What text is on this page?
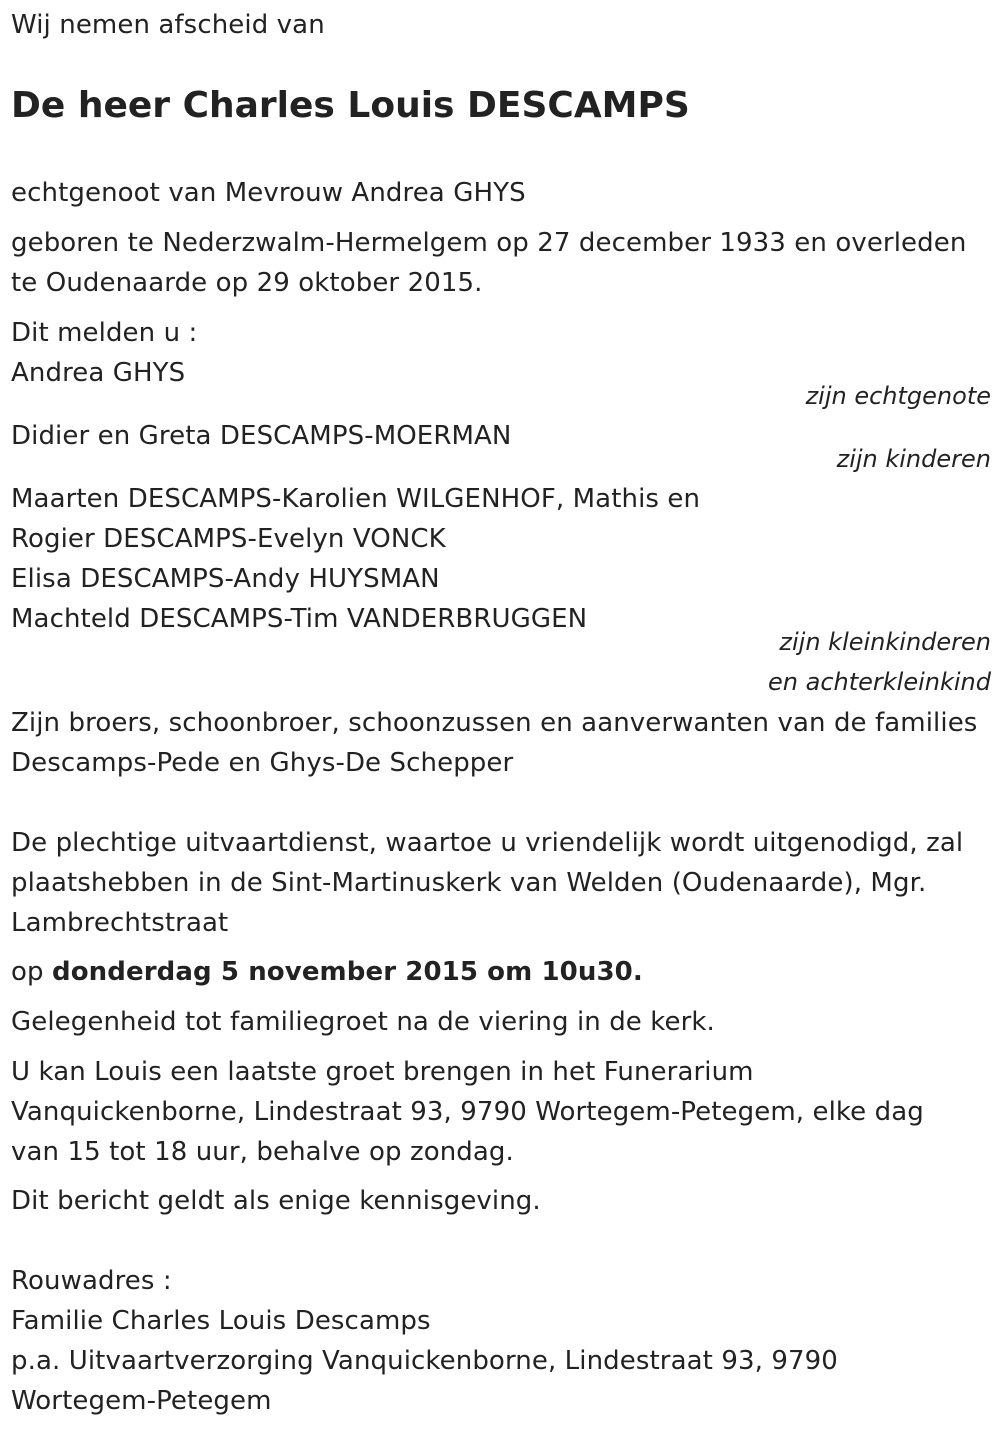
Wij nemen afscheid van
De heer Charles Louis DESCAMPS
echtgenoot van Mevrouw Andrea GHYS
geboren te Nederzwalm-Hermelgem op 27 december 1933 en overleden
te Oudenaarde op 29 oktober 2015.
Dit melden u :
Andrea GHYS
zijn echtgenote
Didier en Greta DESCAMPS-MOERMAN
zijn kinderen
Maarten DESCAMPS-Karolien WILGENHOF, Mathis en
Rogier DESCAMPS-Evelyn VONCK
Elisa DESCAMPS-Andy HUYSMAN
Machteld DESCAMPS-Tim VANDERBRUGGEN
zijn kleinkinderen
en achterkleinkind
Zijn broers, schoonbroer, schoonzussen en aanverwanten van de families
Descamps-Pede en Ghys-De Schepper
De plechtige uitvaartdienst, waartoe u vriendelijk wordt uitgenodigd, zal
plaatshebben in de Sint-Martinuskerk van Welden (Oudenaarde), Mgr.
Lambrechtstraat
op donderdag 5 november 2015 om 10u30.
Gelegenheid tot familiegroet na de viering in de kerk.
U kan Louis een laatste groet brengen in het Funerarium
Vanquickenborne, Lindestraat 93, 9790 Wortegem-Petegem, elke dag
van 15 tot 18 uur, behalve op zondag.
Dit bericht geldt als enige kennisgeving.
Rouwadres :
Familie Charles Louis Descamps
p.a. Uitvaartverzorging Vanquickenborne, Lindestraat 93, 9790
Wortegem-Petegem
